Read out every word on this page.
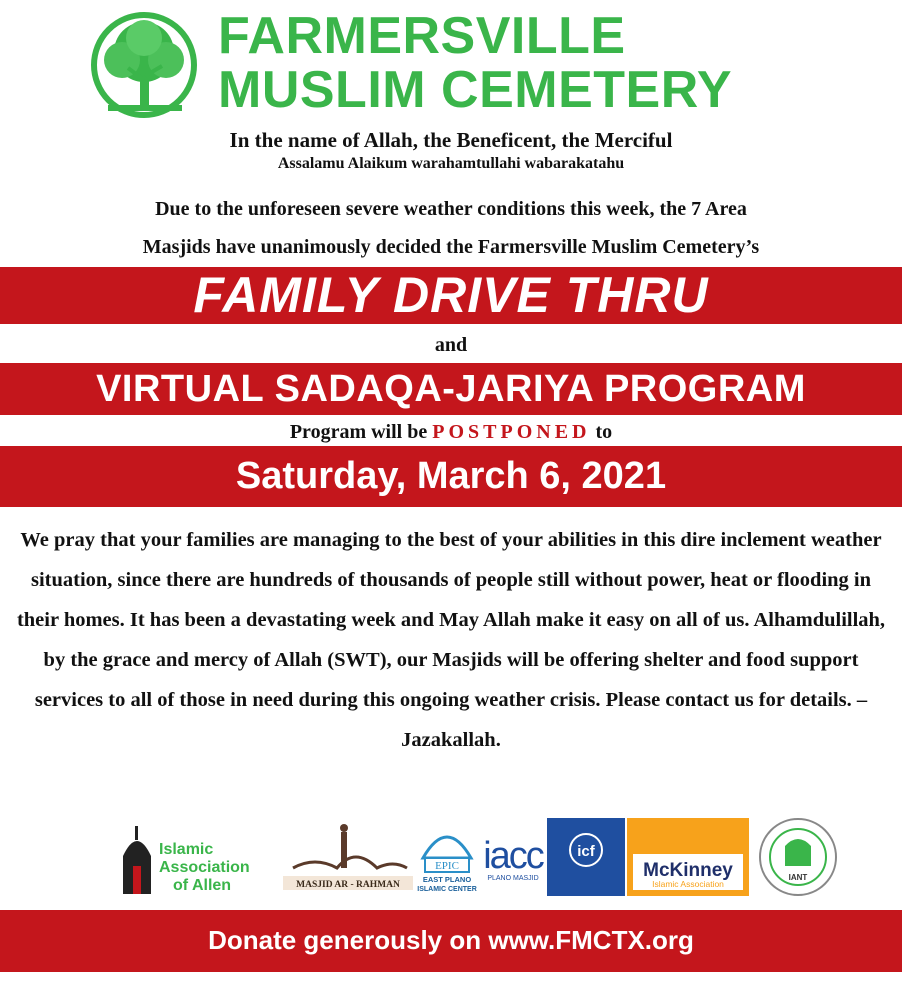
FARMERSVILLE
MUSLIM CEMETERY
In the name of Allah, the Beneficent, the Merciful
Assalamu Alaikum warahamtullahi wabarakatahu
Due to the unforeseen severe weather conditions this week, the 7 Area
Masjids have unanimously decided the Farmersville Muslim Cemetery’s
FAMILY DRIVE THRU
and
VIRTUAL SADAQA-JARIYA PROGRAM
Program will be POSTPONED to
Saturday, March 6, 2021
We pray that your families are managing to the best of your abilities in this dire inclement weather situation, since there are hundreds of thousands of people still without power, heat or flooding in their homes. It has been a devastating week and May Allah make it easy on all of us. Alhamdulillah, by the grace and mercy of Allah (SWT), our Masjids will be offering shelter and food support services to all of those in need during this ongoing weather crisis. Please contact us for details. – Jazakallah.
Islamic
Association
of Allen	MASJID AR - RAHMAN
EPIC
EAST PLANO
ISLAMIC CENTER
iacc
PLANO MASJID
icf
McKinney
Islamic Association
IANT
Donate generously on www.FMCTX.org
